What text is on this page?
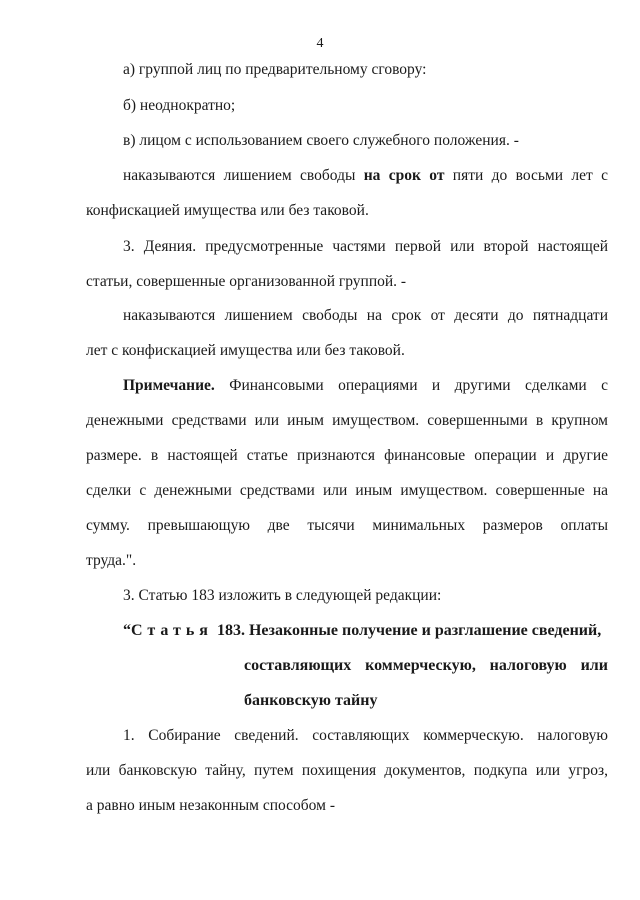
4
а) группой лиц по предварительному сговору:
б) неоднократно;
в) лицом с использованием своего служебного положения. -
наказываются лишением свободы на срок от пяти до восьми лет с
конфискацией имущества или без таковой.
3. Деяния. предусмотренные частями первой или второй настоящей
статьи, совершенные организованной группой. -
наказываются лишением свободы на срок от десяти до пятнадцати
лет с конфискацией имущества или без таковой.
Примечание. Финансовыми операциями и другими сделками с
денежными средствами или иным имуществом. совершенными в крупном
размере. в настоящей статье признаются финансовые операции и другие
сделки с денежными средствами или иным имуществом. совершенные на
сумму. превышающую две тысячи минимальных размеров оплаты
труда.".
3. Статью 183 изложить в следующей редакции:
“Статья 183. Незаконные получение и разглашение сведений,
составляющих коммерческую, налоговую или
банковскую тайну
1. Собирание сведений. составляющих коммерческую. налоговую
или банковскую тайну, путем похищения документов, подкупа или угроз,
а равно иным незаконным способом -
